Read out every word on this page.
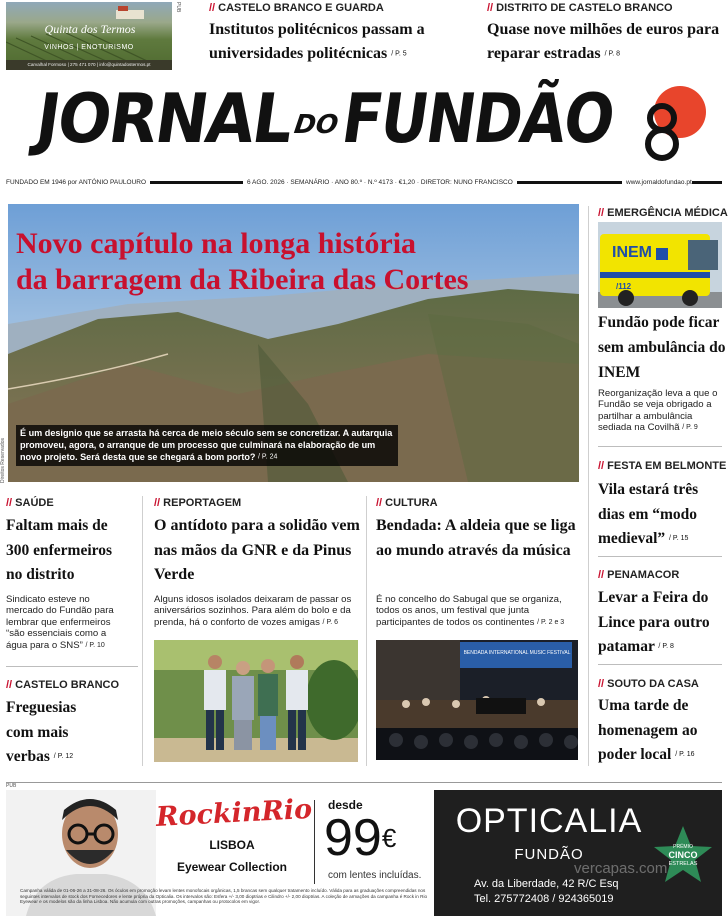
Quinta dos Termos
VINHOS | ENOTURISMO
Carvalhal Formoso | 275 471 070 | info@quintadostermos.pt
PUB	// CASTELO BRANCO E GUARDA
Institutos politécnicos passam a universidades politécnicas / P. 5
// DISTRITO DE CASTELO BRANCO
Quase nove milhões de euros para reparar estradas / P. 8
JORNALDOFUNDÃO
FUNDADO EM 1946 por ANTÓNIO PAULOURO	6 AGO. 2026 · SEMANÁRIO · ANO 80.º · N.º 4173 · €1,20 · DIRETOR: NUNO FRANCISCO	www.jornaldofundao.pt
Novo capítulo na longa história
da barragem da Ribeira das Cortes
É um designio que se arrasta há cerca de meio século sem se concretizar. A autarquia promoveu, agora, o arranque de um processo que culminará na elaboração de um novo projeto. Será desta que se chegará a bom porto? / P. 24
Direitos Reservados
// EMERGÊNCIA MÉDICA
INEM
/112
Fundão pode ficar sem ambulância do INEM
Reorganização leva a que o Fundão se veja obrigado a partilhar a ambulância sediada na Covilhã / P. 9
// FESTA EM BELMONTE
Vila estará três dias em “modo medieval” / P. 15
// PENAMACOR
Levar a Feira do Lince para outro patamar / P. 8
// SOUTO DA CASA
Uma tarde de homenagem ao poder local / P. 16
// SAÚDE
Faltam mais de 300 enfermeiros no distrito
Sindicato esteve no mercado do Fundão para lembrar que enfermeiros “são essenciais como a água para o SNS” / P. 10
// CASTELO BRANCO
Freguesias com mais verbas / P. 12
// REPORTAGEM
O antídoto para a solidão vem nas mãos da GNR e da Pinus Verde
Alguns idosos isolados deixaram de passar os aniversários sozinhos. Para além do bolo e da prenda, há o conforto de vozes amigas / P. 6
// CULTURA
Bendada: A aldeia que se liga ao mundo através da música
É no concelho do Sabugal que se organiza, todos os anos, um festival que junta participantes de todos os continentes / P. 2 e 3
BENDADA INTERNATIONAL MUSIC FESTIVAL
PUB
RockinRio
LISBOA
Eyewear Collection
desde
99€
com lentes incluídas.
Campanha válida de 01-06-26 a 31-08-26. Os óculos em promoção levam lentes monofocais orgânicas, 1,5 brancas sem qualquer tratamento incluído. Válida para as graduações compreendidas nos seguintes intervalos de stock dos Fornecedores e lente própria da Opticalia. Os intervalos são: Esfera +/- 3,00 dioptrias e Cilindro +/- 2,00 dioptrias. A coleção de armações da campanha é Rock in Rio Eyewear e os modelos são da linha Lisboa. Não acumula com outras promoções, campanhas ou protocolos em vigor.
OPTICALIA
FUNDÃO
Av. da Liberdade, 42 R/C Esq
Tel. 275772408 / 924365019
PRÉMIO
CINCO
ESTRELAS
vercapas.com
